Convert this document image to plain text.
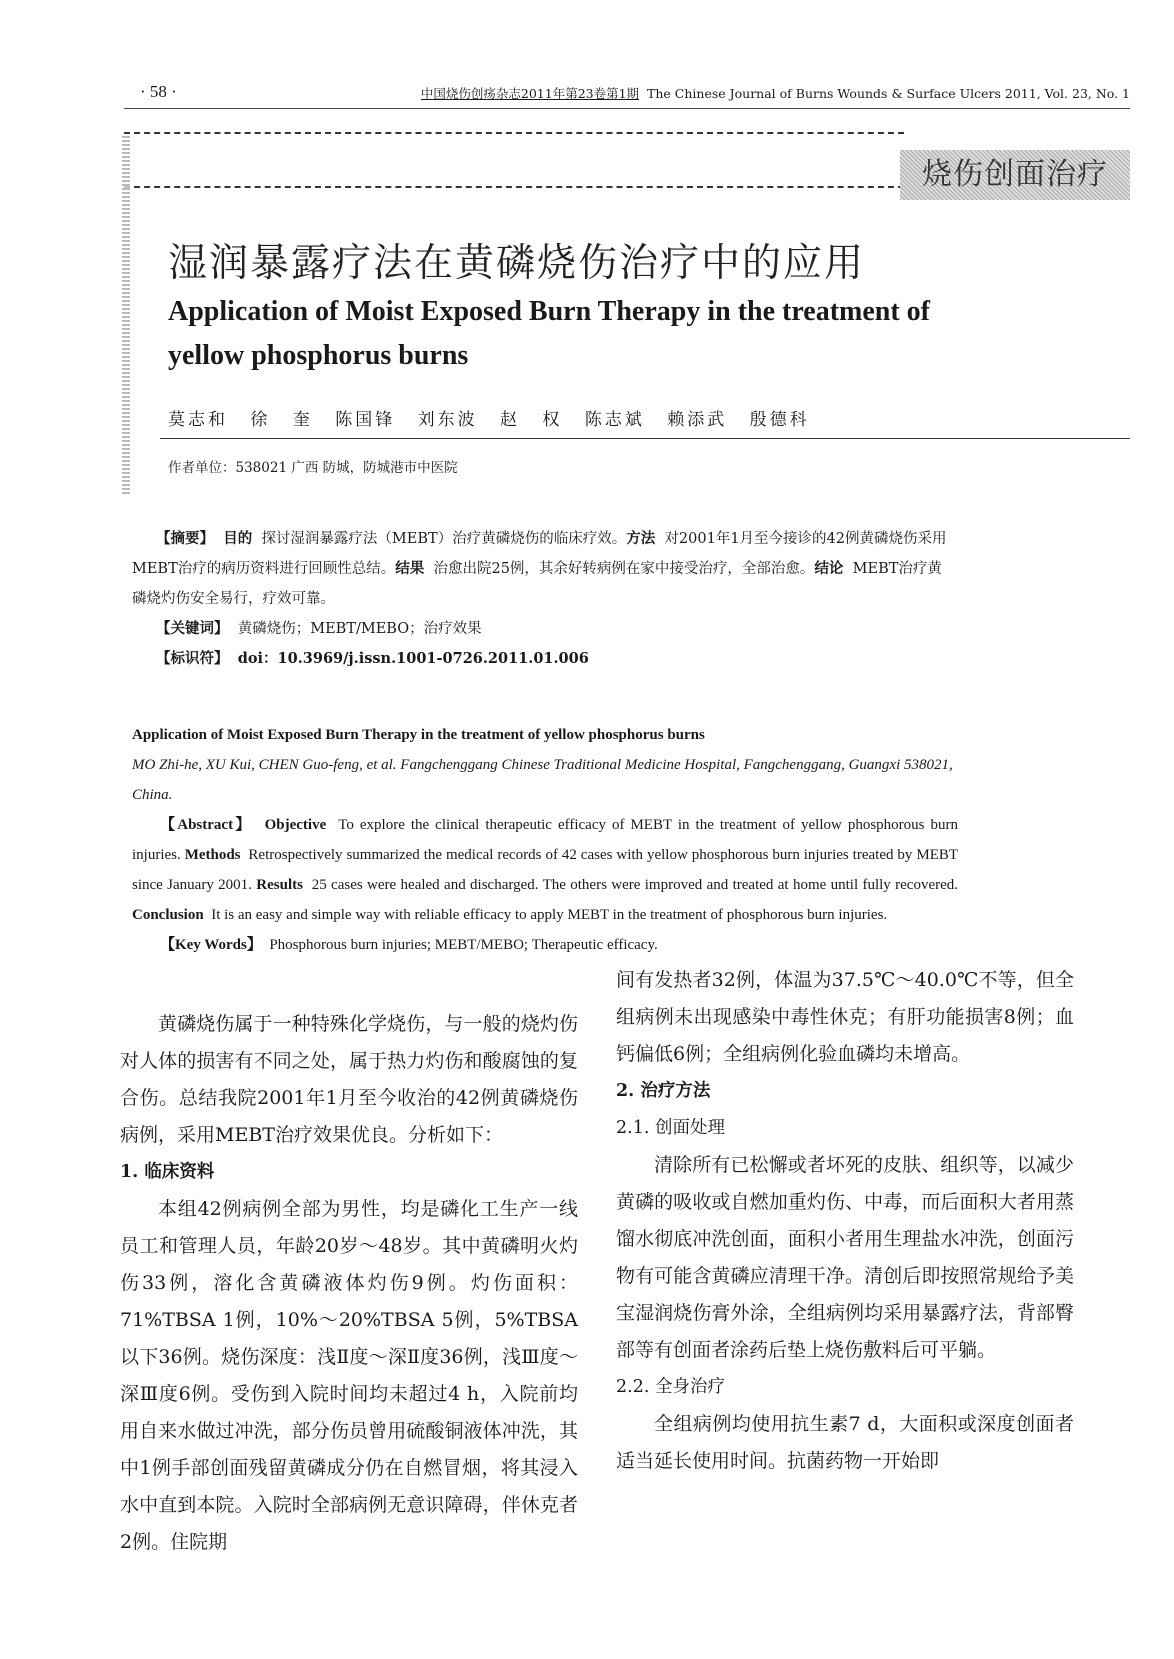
· 58 ·	中国烧伤创疡杂志2011年第23卷第1期 The Chinese Journal of Burns Wounds & Surface Ulcers 2011, Vol. 23, No. 1
烧伤创面治疗
湿润暴露疗法在黄磷烧伤治疗中的应用
Application of Moist Exposed Burn Therapy in the treatment of yellow phosphorus burns
莫志和 徐 奎 陈国锋 刘东波 赵 权 陈志斌 赖添武 殷德科
作者单位：538021 广西 防城，防城港市中医院

【摘要】 目的 探讨湿润暴露疗法（MEBT）治疗黄磷烧伤的临床疗效。方法 对2001年1月至今接诊的42例黄磷烧伤采用MEBT治疗的病历资料进行回顾性总结。结果 治愈出院25例，其余好转病例在家中接受治疗，全部治愈。结论 MEBT治疗黄磷烧灼伤安全易行，疗效可靠。

【关键词】 黄磷烧伤；MEBT/MEBO；治疗效果

【标识符】 doi：10.3969/j.issn.1001-0726.2011.01.006

Application of Moist Exposed Burn Therapy in the treatment of yellow phosphorus burns

MO Zhi-he, XU Kui, CHEN Guo-feng, et al. Fangchenggang Chinese Traditional Medicine Hospital, Fangchenggang, Guangxi 538021, China.

【Abstract】 Objective To explore the clinical therapeutic efficacy of MEBT in the treatment of yellow phosphorous burn injuries. Methods Retrospectively summarized the medical records of 42 cases with yellow phosphorous burn injuries treated by MEBT since January 2001. Results 25 cases were healed and discharged. The others were improved and treated at home until fully recovered. Conclusion It is an easy and simple way with reliable efficacy to apply MEBT in the treatment of phosphorous burn injuries.

【Key Words】 Phosphorous burn injuries; MEBT/MEBO; Therapeutic efficacy.

黄磷烧伤属于一种特殊化学烧伤，与一般的烧灼伤对人体的损害有不同之处，属于热力灼伤和酸腐蚀的复合伤。总结我院2001年1月至今收治的42例黄磷烧伤病例，采用MEBT治疗效果优良。分析如下：

1. 临床资料

本组42例病例全部为男性，均是磷化工生产一线员工和管理人员，年龄20岁～48岁。其中黄磷明火灼伤33例，溶化含黄磷液体灼伤9例。灼伤面积：71%TBSA 1例，10%～20%TBSA 5例，5%TBSA以下36例。烧伤深度：浅Ⅱ度～深Ⅱ度36例，浅Ⅲ度～深Ⅲ度6例。受伤到入院时间均未超过4 h，入院前均用自来水做过冲洗，部分伤员曾用硫酸铜液体冲洗，其中1例手部创面残留黄磷成分仍在自燃冒烟，将其浸入水中直到本院。入院时全部病例无意识障碍，伴休克者2例。住院期

间有发热者32例，体温为37.5℃～40.0℃不等，但全组病例未出现感染中毒性休克；有肝功能损害8例；血钙偏低6例；全组病例化验血磷均未增高。

2. 治疗方法
2.1. 创面处理

清除所有已松懈或者坏死的皮肤、组织等，以减少黄磷的吸收或自燃加重灼伤、中毒，而后面积大者用蒸馏水彻底冲洗创面，面积小者用生理盐水冲洗，创面污物有可能含黄磷应清理干净。清创后即按照常规给予美宝湿润烧伤膏外涂，全组病例均采用暴露疗法，背部臀部等有创面者涂药后垫上烧伤敷料后可平躺。

2.2. 全身治疗

全组病例均使用抗生素7 d，大面积或深度创面者适当延长使用时间。抗菌药物一开始即
